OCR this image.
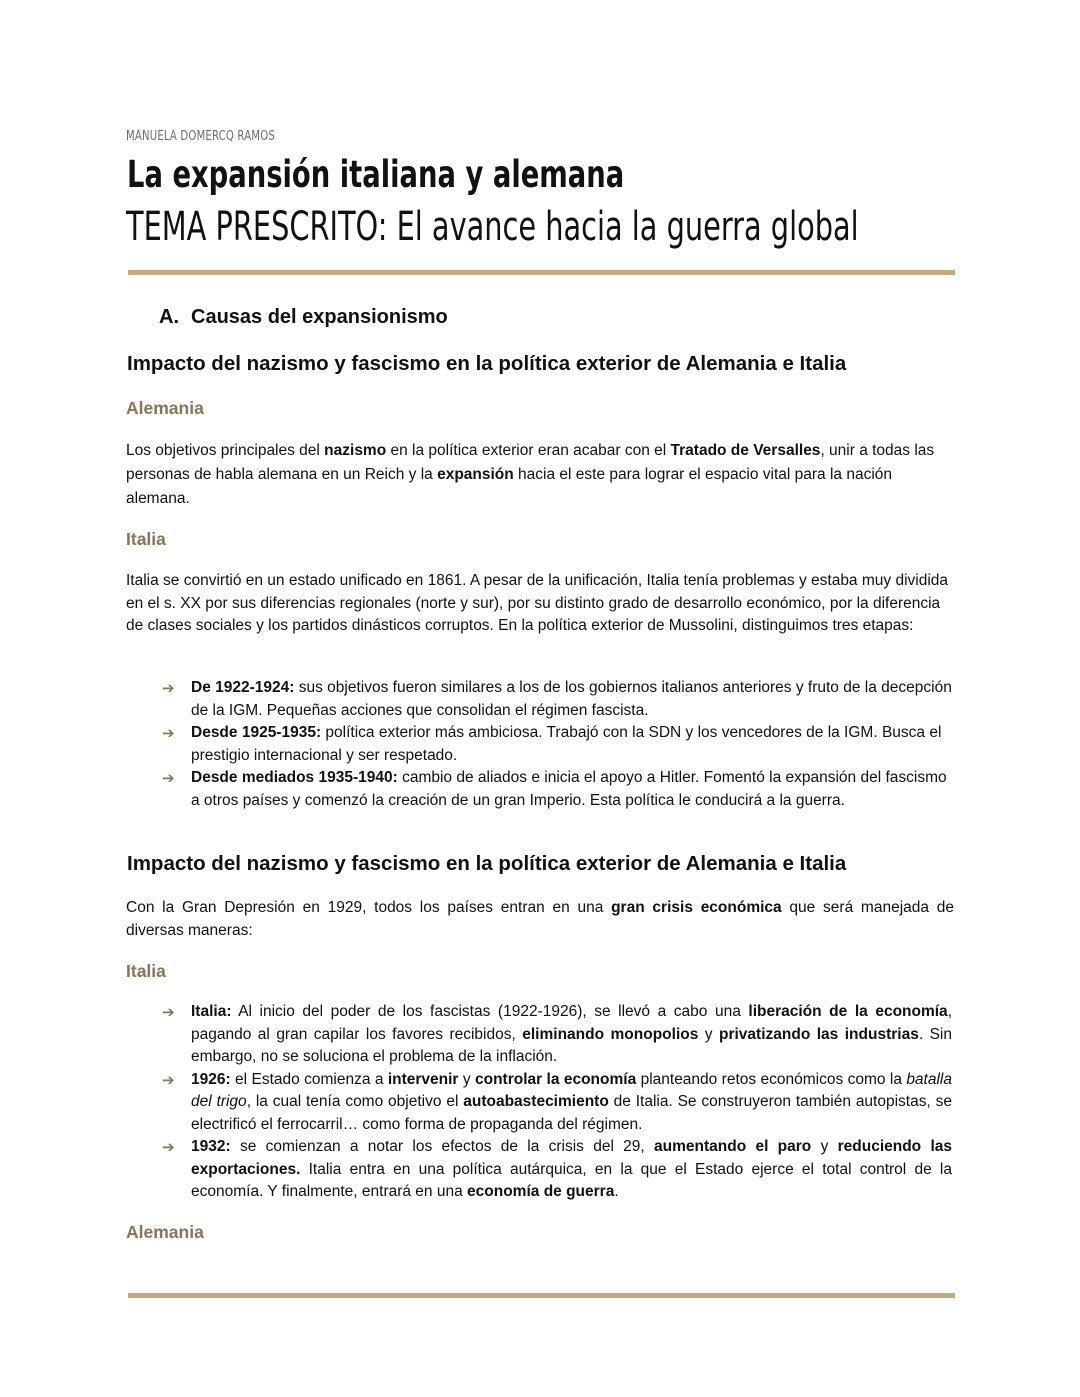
MANUELA DOMERCQ RAMOS
La expansión italiana y alemana
TEMA PRESCRITO: El avance hacia la guerra global
A. Causas del expansionismo
Impacto del nazismo y fascismo en la política exterior de Alemania e Italia
Alemania

Los objetivos principales del nazismo en la política exterior eran acabar con el Tratado de Versalles, unir a todas las personas de habla alemana en un Reich y la expansión hacia el este para lograr el espacio vital para la nación alemana.

Italia

Italia se convirtió en un estado unificado en 1861. A pesar de la unificación, Italia tenía problemas y estaba muy dividida en el s. XX por sus diferencias regionales (norte y sur), por su distinto grado de desarrollo económico, por la diferencia de clases sociales y los partidos dinásticos corruptos. En la política exterior de Mussolini, distinguimos tres etapas:

➔ De 1922-1924: sus objetivos fueron similares a los de los gobiernos italianos anteriores y fruto de la decepción de la IGM. Pequeñas acciones que consolidan el régimen fascista.
➔ Desde 1925-1935: política exterior más ambiciosa. Trabajó con la SDN y los vencedores de la IGM. Busca el prestigio internacional y ser respetado.
➔ Desde mediados 1935-1940: cambio de aliados e inicia el apoyo a Hitler. Fomentó la expansión del fascismo a otros países y comenzó la creación de un gran Imperio. Esta política le conducirá a la guerra.
Impacto del nazismo y fascismo en la política exterior de Alemania e Italia

Con la Gran Depresión en 1929, todos los países entran en una gran crisis económica que será manejada de diversas maneras:

Italia
➔ Italia: Al inicio del poder de los fascistas (1922-1926), se llevó a cabo una liberación de la economía, pagando al gran capilar los favores recibidos, eliminando monopolios y privatizando las industrias. Sin embargo, no se soluciona el problema de la inflación.
➔ 1926: el Estado comienza a intervenir y controlar la economía planteando retos económicos como la batalla del trigo, la cual tenía como objetivo el autoabastecimiento de Italia. Se construyeron también autopistas, se electrificó el ferrocarril… como forma de propaganda del régimen.
➔ 1932: se comienzan a notar los efectos de la crisis del 29, aumentando el paro y reduciendo las exportaciones. Italia entra en una política autárquica, en la que el Estado ejerce el total control de la economía. Y finalmente, entrará en una economía de guerra.
Alemania
